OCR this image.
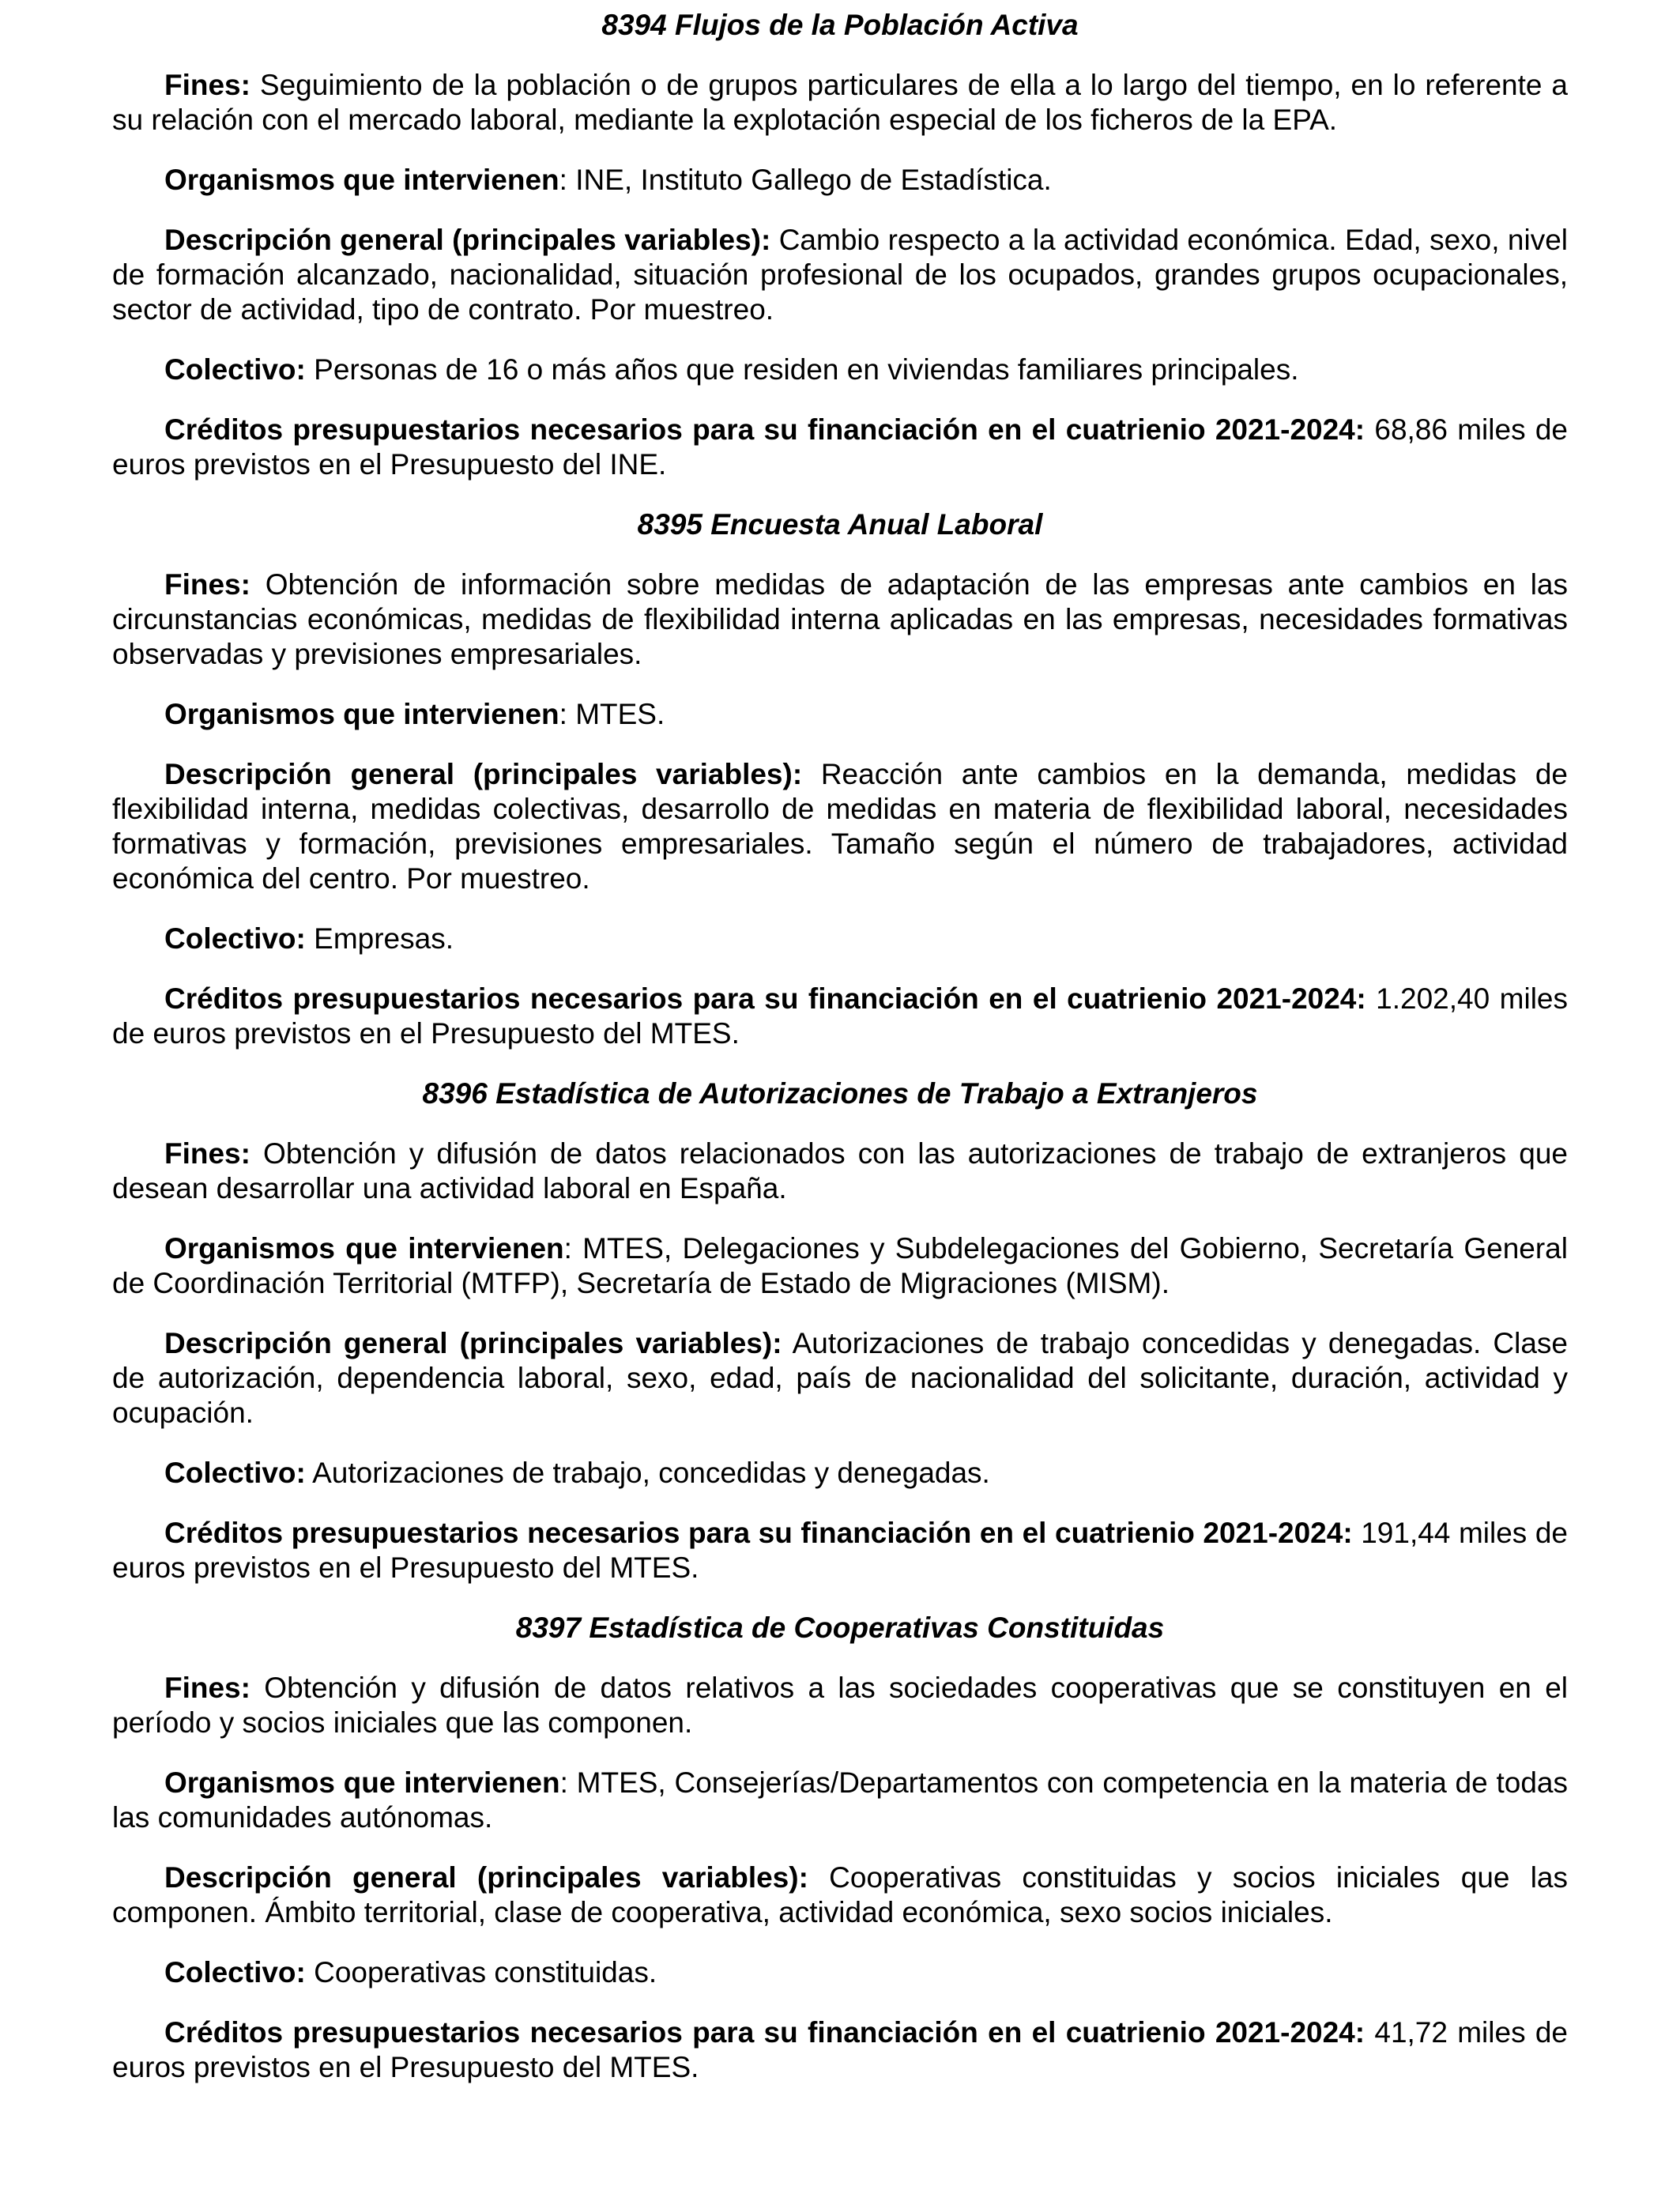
8394 Flujos de la Población Activa

Fines: Seguimiento de la población o de grupos particulares de ella a lo largo del tiempo, en lo referente a su relación con el mercado laboral, mediante la explotación especial de los ficheros de la EPA.

Organismos que intervienen: INE, Instituto Gallego de Estadística.

Descripción general (principales variables): Cambio respecto a la actividad económica. Edad, sexo, nivel de formación alcanzado, nacionalidad, situación profesional de los ocupados, grandes grupos ocupacionales, sector de actividad, tipo de contrato. Por muestreo.

Colectivo: Personas de 16 o más años que residen en viviendas familiares principales.

Créditos presupuestarios necesarios para su financiación en el cuatrienio 2021-2024: 68,86 miles de euros previstos en el Presupuesto del INE.

8395 Encuesta Anual Laboral

Fines: Obtención de información sobre medidas de adaptación de las empresas ante cambios en las circunstancias económicas, medidas de flexibilidad interna aplicadas en las empresas, necesidades formativas observadas y previsiones empresariales.

Organismos que intervienen: MTES.

Descripción general (principales variables): Reacción ante cambios en la demanda, medidas de flexibilidad interna, medidas colectivas, desarrollo de medidas en materia de flexibilidad laboral, necesidades formativas y formación, previsiones empresariales. Tamaño según el número de trabajadores, actividad económica del centro. Por muestreo.

Colectivo: Empresas.

Créditos presupuestarios necesarios para su financiación en el cuatrienio 2021-2024: 1.202,40 miles de euros previstos en el Presupuesto del MTES.

8396 Estadística de Autorizaciones de Trabajo a Extranjeros

Fines: Obtención y difusión de datos relacionados con las autorizaciones de trabajo de extranjeros que desean desarrollar una actividad laboral en España.

Organismos que intervienen: MTES, Delegaciones y Subdelegaciones del Gobierno, Secretaría General de Coordinación Territorial (MTFP), Secretaría de Estado de Migraciones (MISM).

Descripción general (principales variables): Autorizaciones de trabajo concedidas y denegadas. Clase de autorización, dependencia laboral, sexo, edad, país de nacionalidad del solicitante, duración, actividad y ocupación.

Colectivo: Autorizaciones de trabajo, concedidas y denegadas.

Créditos presupuestarios necesarios para su financiación en el cuatrienio 2021-2024: 191,44 miles de euros previstos en el Presupuesto del MTES.

8397 Estadística de Cooperativas Constituidas

Fines: Obtención y difusión de datos relativos a las sociedades cooperativas que se constituyen en el período y socios iniciales que las componen.

Organismos que intervienen: MTES, Consejerías/Departamentos con competencia en la materia de todas las comunidades autónomas.

Descripción general (principales variables): Cooperativas constituidas y socios iniciales que las componen. Ámbito territorial, clase de cooperativa, actividad económica, sexo socios iniciales.

Colectivo: Cooperativas constituidas.

Créditos presupuestarios necesarios para su financiación en el cuatrienio 2021-2024: 41,72 miles de euros previstos en el Presupuesto del MTES.
